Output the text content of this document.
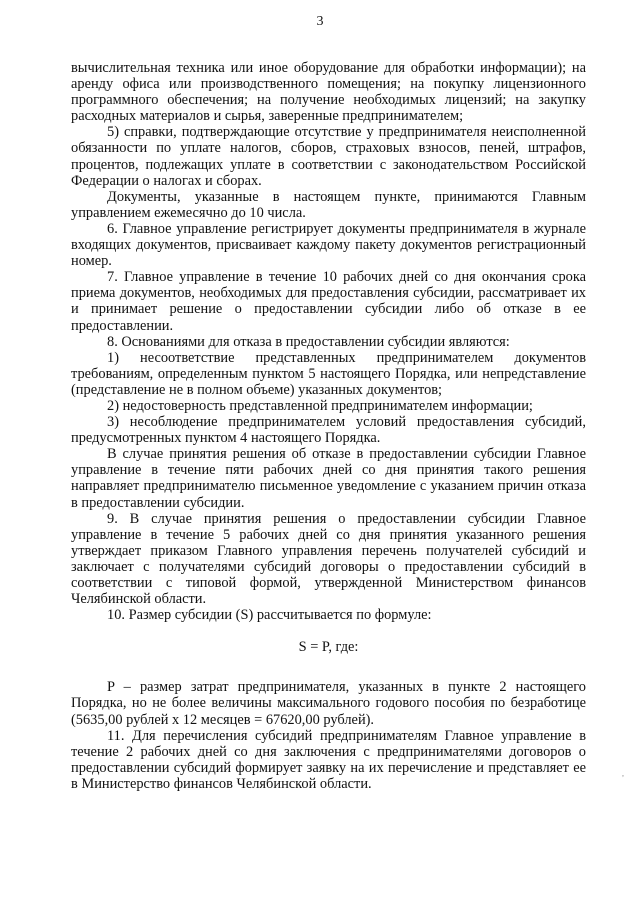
3

вычислительная техника или иное оборудование для обработки информации); на аренду офиса или производственного помещения; на покупку лицензионного программного обеспечения; на получение необходимых лицензий; на закупку расходных материалов и сырья, заверенные предпринимателем;

5) справки, подтверждающие отсутствие у предпринимателя неисполненной обязанности по уплате налогов, сборов, страховых взносов, пеней, штрафов, процентов, подлежащих уплате в соответствии с законодательством Российской Федерации о налогах и сборах.

Документы, указанные в настоящем пункте, принимаются Главным управлением ежемесячно до 10 числа.

6. Главное управление регистрирует документы предпринимателя в журнале входящих документов, присваивает каждому пакету документов регистрационный номер.

7. Главное управление в течение 10 рабочих дней со дня окончания срока приема документов, необходимых для предоставления субсидии, рассматривает их и принимает решение о предоставлении субсидии либо об отказе в ее предоставлении.

8. Основаниями для отказа в предоставлении субсидии являются:

1) несоответствие представленных предпринимателем документов требованиям, определенным пунктом 5 настоящего Порядка, или непредставление (представление не в полном объеме) указанных документов;

2) недостоверность представленной предпринимателем информации;

3) несоблюдение предпринимателем условий предоставления субсидий, предусмотренных пунктом 4 настоящего Порядка.

В случае принятия решения об отказе в предоставлении субсидии Главное управление в течение пяти рабочих дней со дня принятия такого решения направляет предпринимателю письменное уведомление с указанием причин отказа в предоставлении субсидии.

9. В случае принятия решения о предоставлении субсидии Главное управление в течение 5 рабочих дней со дня принятия указанного решения утверждает приказом Главного управления перечень получателей субсидий и заключает с получателями субсидий договоры о предоставлении субсидий в соответствии с типовой формой, утвержденной Министерством финансов Челябинской области.

10. Размер субсидии (S) рассчитывается по формуле:

S = P, где:

P – размер затрат предпринимателя, указанных в пункте 2 настоящего Порядка, но не более величины максимального годового пособия по безработице (5635,00 рублей x 12 месяцев = 67620,00 рублей).

11. Для перечисления субсидий предпринимателям Главное управление в течение 2 рабочих дней со дня заключения с предпринимателями договоров о предоставлении субсидий формирует заявку на их перечисление и представляет ее в Министерство финансов Челябинской области.

,
